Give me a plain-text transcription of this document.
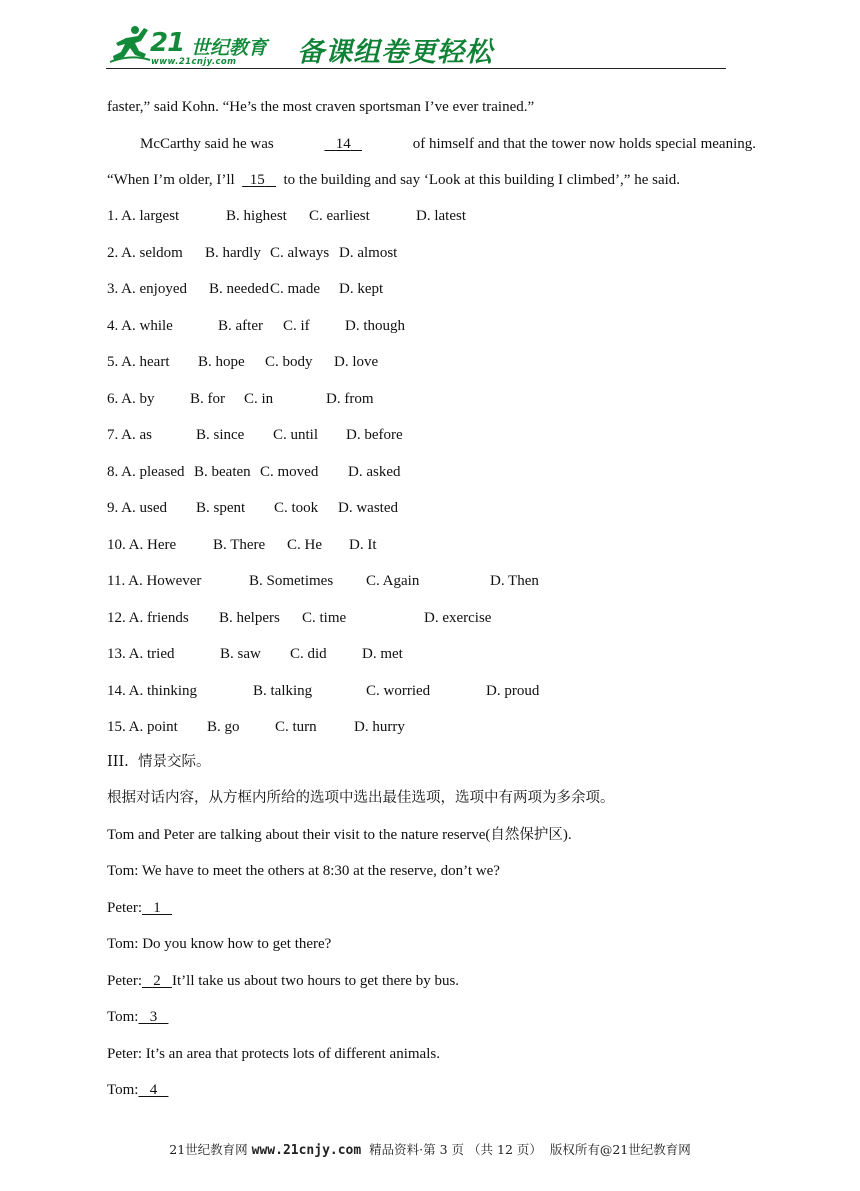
21 世纪教育
www.21cnjy.com 备课组卷更轻松
faster,” said Kohn. “He’s the most craven sportsman I’ve ever trained.”
McCarthy said he was	14	of himself and that the tower now holds special meaning.
“When I’m older, I’ll 15 to the building and say ‘Look at this building I climbed’,” he said.
1. A. largest	B. highest C. earliest	D. latest
2. A. seldom B. hardly C. always D. almost
3. A. enjoyed B. needed C. made D. kept
4. A. while	B. after C. if D. though
5. A. heart B. hope C. body D. love
6. A. by B. for C. in	D. from
7. A. as	B. since C. until D. before
8. A. pleased B. beaten C. moved D. asked
9. A. used B. spent C. took D. wasted
10. A. Here B. There C. He D. It
11. A. However	B. Sometimes C. Again	D. Then
12. A. friends B. helpers C. time	D. exercise
13. A. tried	B. saw C. did D. met
14. A. thinking	B. talking	C. worried	D. proud
15. A. point B. go C. turn D. hurry
III.  情景交际。
根据对话内容，从方框内所给的选项中选出最佳选项，选项中有两项为多余项。
Tom and Peter are talking about their visit to the nature reserve(自然保护区).
Tom: We have to meet the others at 8:30 at the reserve, don’t we?
Peter:   1
Tom: Do you know how to get there?
Peter:   2   It’ll take us about two hours to get there by bus.
Tom:   3
Peter: It’s an area that protects lots of different animals.
Tom:   4
21世纪教育网 www.21cnjy.com 精品资料·第 3 页 （共 12 页） 版权所有@21世纪教育网
